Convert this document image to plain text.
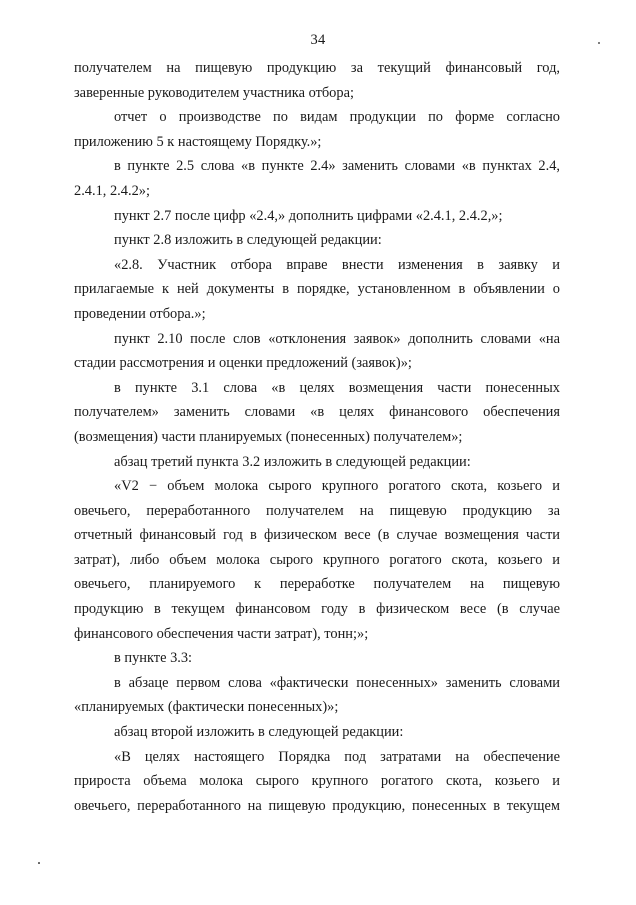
34
получателем на пищевую продукцию за текущий финансовый год,
заверенные руководителем участника отбора;
отчет о производстве по видам продукции по форме согласно
приложению 5 к настоящему Порядку.»;
в пункте 2.5 слова «в пункте 2.4» заменить словами «в пунктах 2.4,
2.4.1, 2.4.2»;
пункт 2.7 после цифр «2.4,» дополнить цифрами «2.4.1, 2.4.2,»;
пункт 2.8 изложить в следующей редакции:
«2.8. Участник отбора вправе внести изменения в заявку и
прилагаемые к ней документы в порядке, установленном в объявлении о
проведении отбора.»;
пункт 2.10 после слов «отклонения заявок» дополнить словами «на
стадии рассмотрения и оценки предложений (заявок)»;
в пункте 3.1 слова «в целях возмещения части понесенных
получателем» заменить словами «в целях финансового обеспечения
(возмещения) части планируемых (понесенных) получателем»;
абзац третий пункта 3.2 изложить в следующей редакции:
«V2 − объем молока сырого крупного рогатого скота, козьего и
овечьего, переработанного получателем на пищевую продукцию за
отчетный финансовый год в физическом весе (в случае возмещения части
затрат), либо объем молока сырого крупного рогатого скота, козьего и
овечьего, планируемого к переработке получателем на пищевую
продукцию в текущем финансовом году в физическом весе (в случае
финансового обеспечения части затрат), тонн;»;
в пункте 3.3:
в абзаце первом слова «фактически понесенных» заменить словами
«планируемых (фактически понесенных)»;
абзац второй изложить в следующей редакции:
«В целях настоящего Порядка под затратами на обеспечение
прироста объема молока сырого крупного рогатого скота, козьего и
овечьего, переработанного на пищевую продукцию, понесенных в текущем
